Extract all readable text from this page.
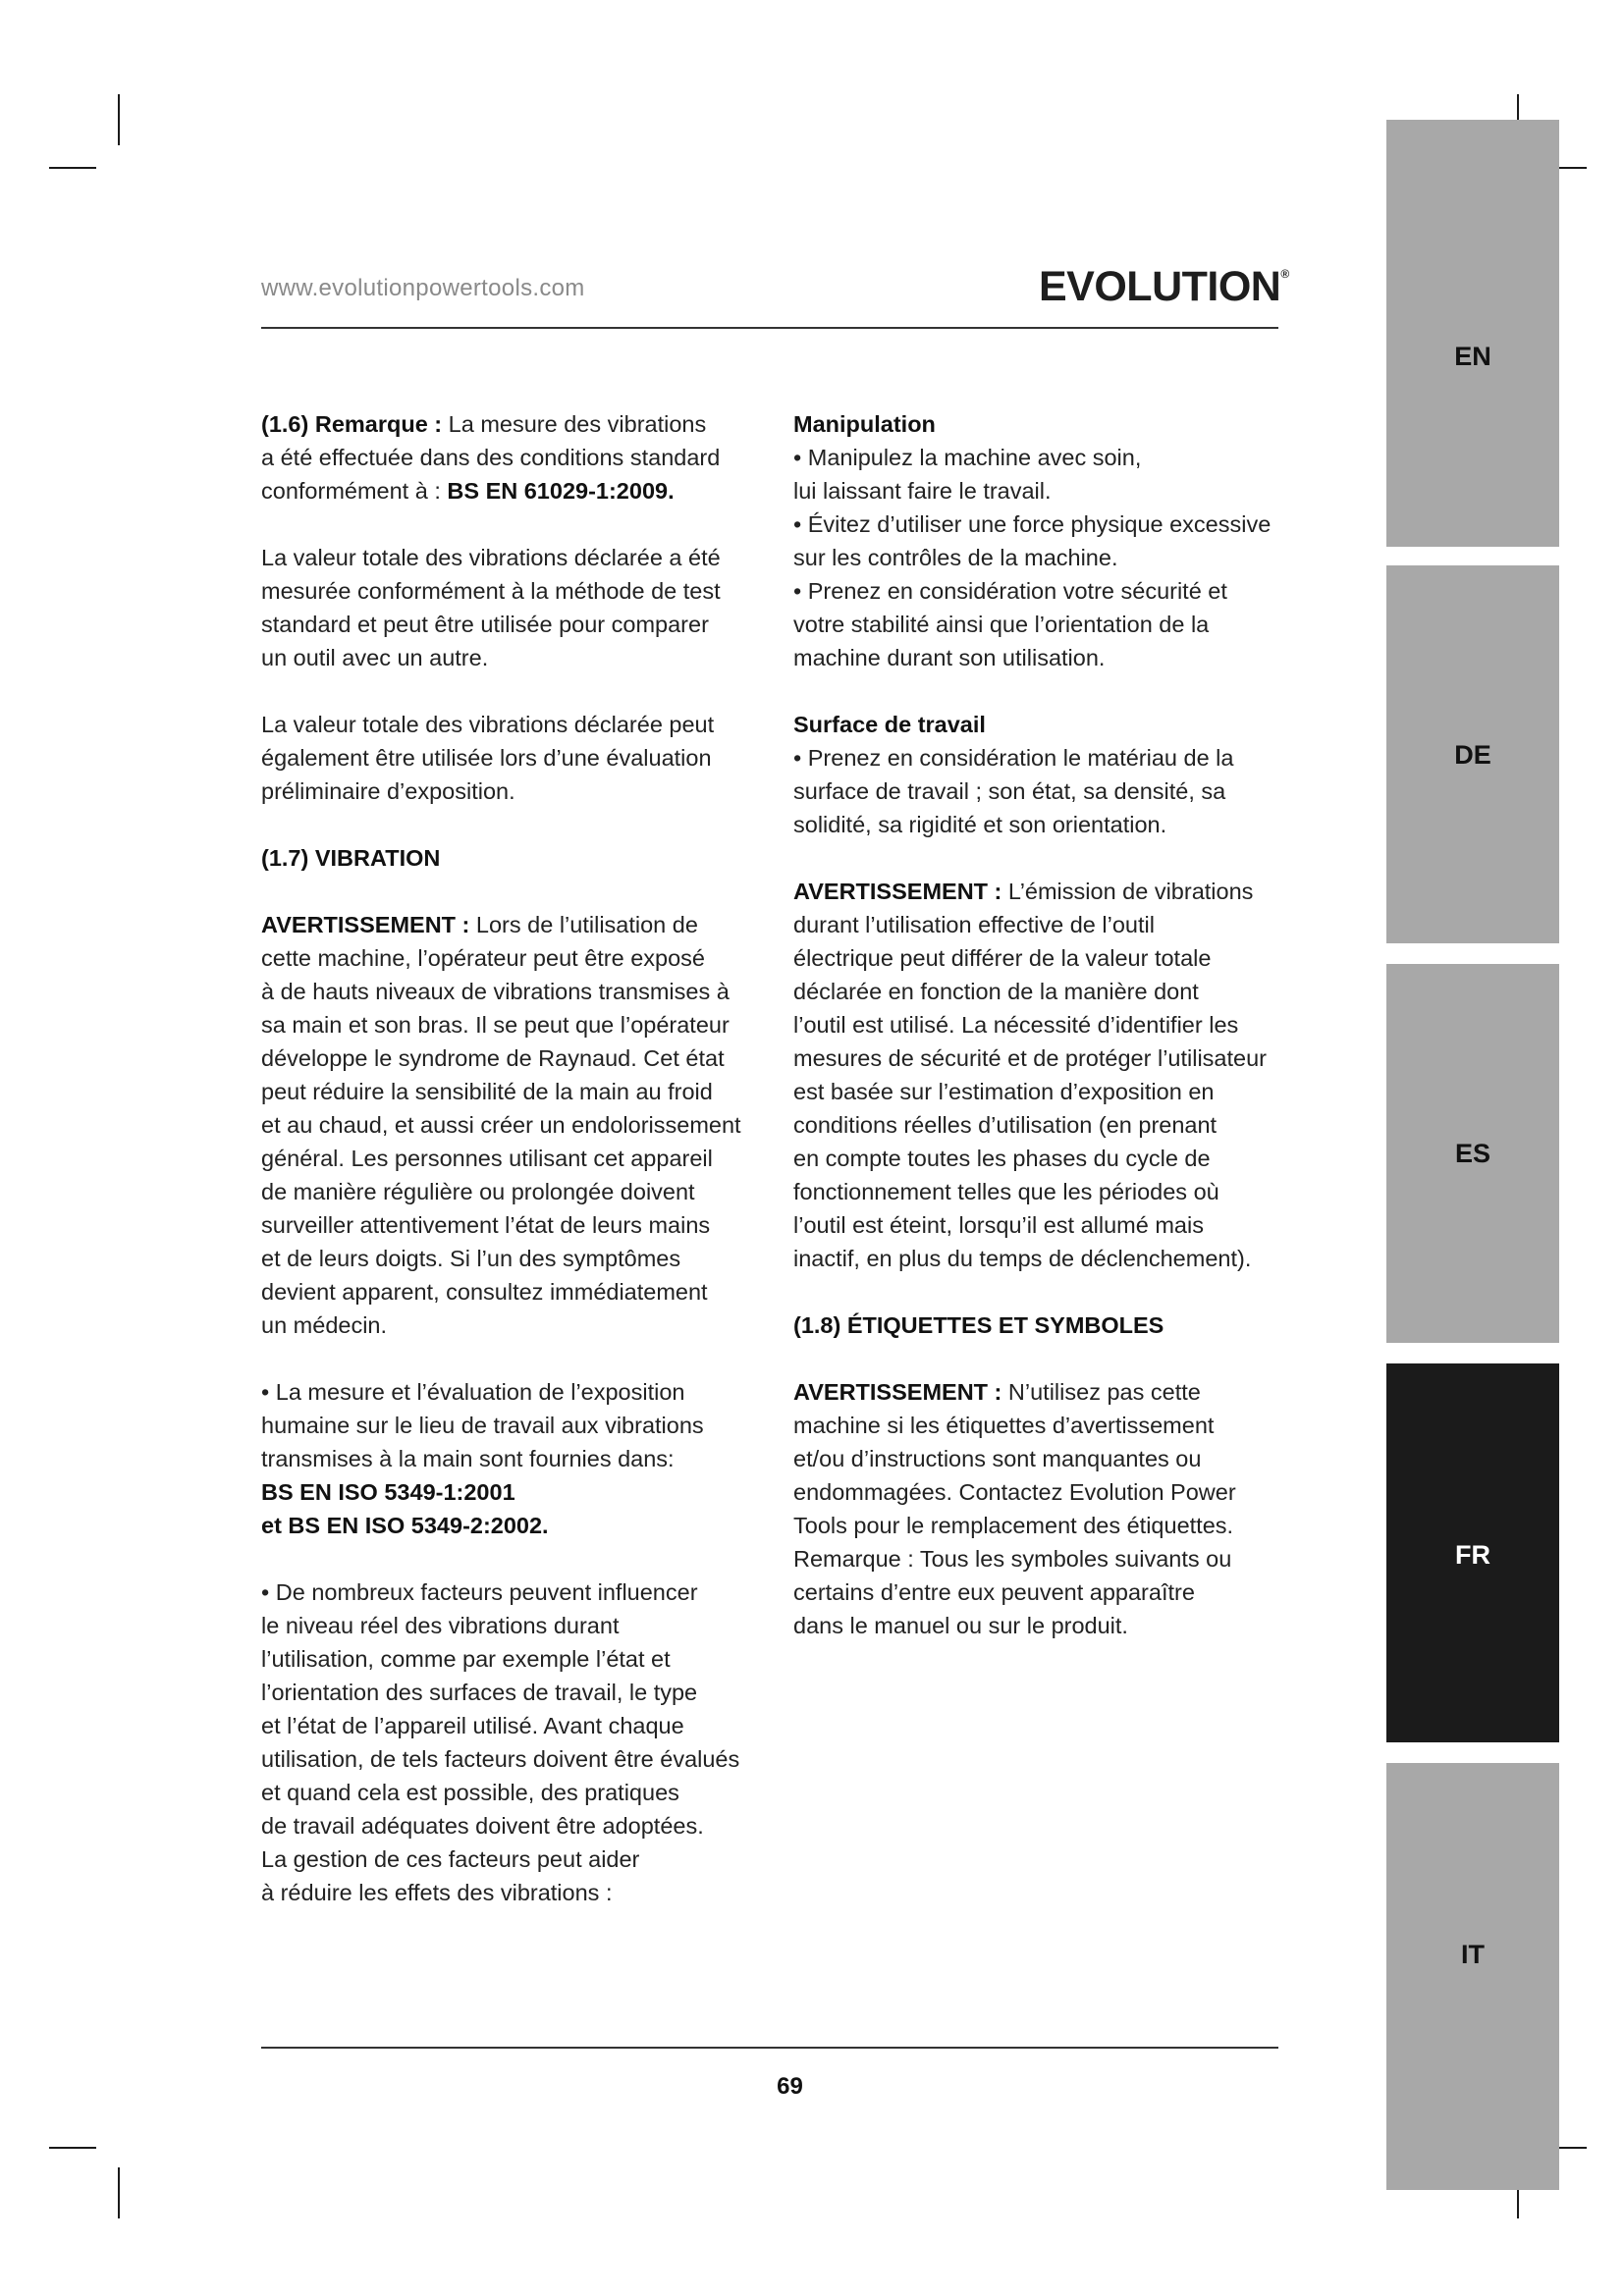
www.evolutionpowertools.com	EVOLUTION®

(1.6) Remarque : La mesure des vibrations
a été effectuée dans des conditions standard
conformément à : BS EN 61029-1:2009.

La valeur totale des vibrations déclarée a été
mesurée conformément à la méthode de test
standard et peut être utilisée pour comparer
un outil avec un autre.

La valeur totale des vibrations déclarée peut
également être utilisée lors d’une évaluation
préliminaire d’exposition.

(1.7) VIBRATION

AVERTISSEMENT : Lors de l’utilisation de
cette machine, l’opérateur peut être exposé
à de hauts niveaux de vibrations transmises à
sa main et son bras. Il se peut que l’opérateur
développe le syndrome de Raynaud. Cet état
peut réduire la sensibilité de la main au froid
et au chaud, et aussi créer un endolorissement
général. Les personnes utilisant cet appareil
de manière régulière ou prolongée doivent
surveiller attentivement l’état de leurs mains
et de leurs doigts. Si l’un des symptômes
devient apparent, consultez immédiatement
un médecin.

• La mesure et l’évaluation de l’exposition
humaine sur le lieu de travail aux vibrations
transmises à la main sont fournies dans:
BS EN ISO 5349-1:2001
et BS EN ISO 5349-2:2002.

• De nombreux facteurs peuvent influencer
le niveau réel des vibrations durant
l’utilisation, comme par exemple l’état et
l’orientation des surfaces de travail, le type
et l’état de l’appareil utilisé. Avant chaque
utilisation, de tels facteurs doivent être évalués
et quand cela est possible, des pratiques
de travail adéquates doivent être adoptées.
La gestion de ces facteurs peut aider
à réduire les effets des vibrations :

Manipulation
• Manipulez la machine avec soin,
lui laissant faire le travail.
• Évitez d’utiliser une force physique excessive
sur les contrôles de la machine.
• Prenez en considération votre sécurité et
votre stabilité ainsi que l’orientation de la
machine durant son utilisation.

Surface de travail
• Prenez en considération le matériau de la
surface de travail ; son état, sa densité, sa
solidité, sa rigidité et son orientation.

AVERTISSEMENT : L’émission de vibrations
durant l’utilisation effective de l’outil
électrique peut différer de la valeur totale
déclarée en fonction de la manière dont
l’outil est utilisé. La nécessité d’identifier les
mesures de sécurité et de protéger l’utilisateur
est basée sur l’estimation d’exposition en
conditions réelles d’utilisation (en prenant
en compte toutes les phases du cycle de
fonctionnement telles que les périodes où
l’outil est éteint, lorsqu’il est allumé mais
inactif, en plus du temps de déclenchement).

(1.8) ÉTIQUETTES ET SYMBOLES

AVERTISSEMENT : N’utilisez pas cette
machine si les étiquettes d’avertissement
et/ou d’instructions sont manquantes ou
endommagées. Contactez Evolution Power
Tools pour le remplacement des étiquettes.
Remarque : Tous les symboles suivants ou
certains d’entre eux peuvent apparaître
dans le manuel ou sur le produit.

69
EN
DE
ES
FR
IT
